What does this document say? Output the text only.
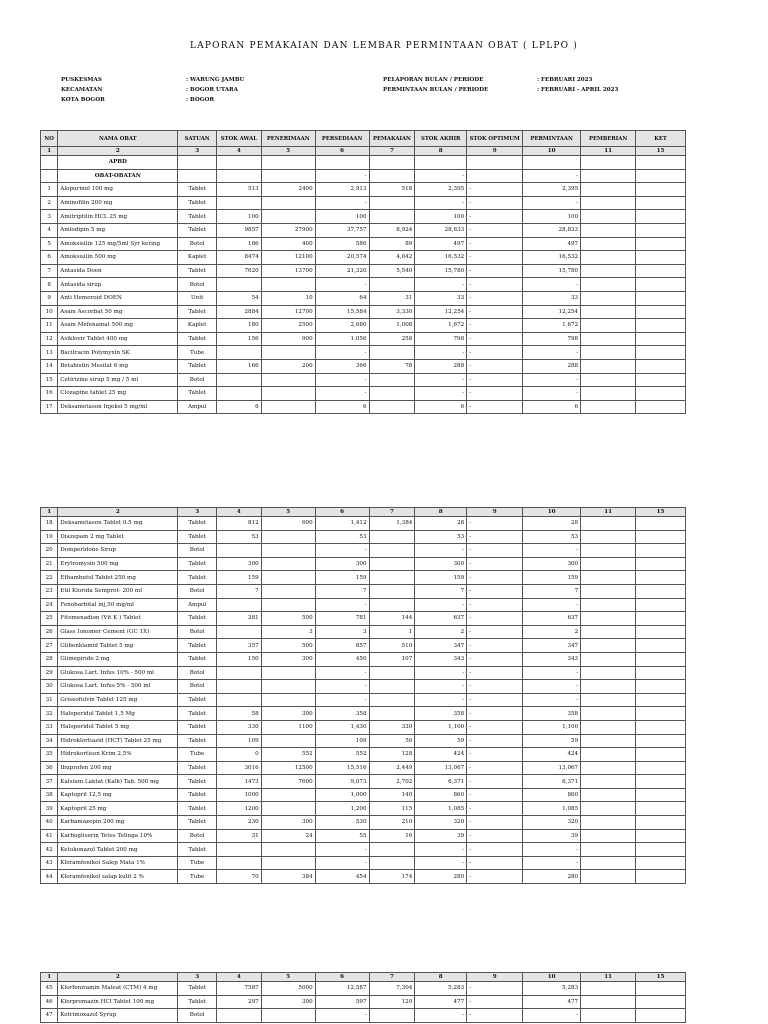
LAPORAN PEMAKAIAN DAN LEMBAR PERMINTAAN OBAT ( LPLPO )
PUSKESMAS
KECAMATAN
KOTA BOGOR
: WARUNG JAMBU
: BOGOR UTARA
: BOGOR
PELAPORAN BULAN / PERIODE
PERMINTAAN BULAN / PERIODE
: FEBRUARI 2023
: FEBRUARI - APRIL 2023
NO	NAMA OBAT	SATUAN	STOK AWAL	PENERIMAAN	PERSEDIAAN	PEMAKAIAN	STOK AKHIR	STOK OPTIMUM	PERMINTAAN	PEMBERIAN	KET
1	2	3	4	5	6	7	8	9	10	11	15
	APBD										
	OBAT-OBATAN				-		-		-		
1	Alopurinol 100 mg	Tablet	513	2400	2,913	518	2,395	-	2,395		
2	Aminofilin 200 mg	Tablet			-		-	-	-		
3	Amitriptilin HCL 25 mg	Tablet	100		100		100	-	100		
4	Amlodipin 5 mg	Tablet	9857	27900	37,757	8,924	28,833	-	28,833		
5	Amoksisilin 125 mg/5ml Syr kering	Botol	186	400	586	89	497	-	497		
6	Amoksisilin 500 mg	Kaplet	8474	12100	20,574	4,042	16,532	-	16,532		
7	Antasida Doen	Tablet	7620	13700	21,320	5,540	15,780	-	15,780		
8	Antasida sirup	Botol			-		-	-	-		
9	Anti Hemoroid DOEN	Unit	54	10	64	31	33	-	33		
10	Asam Ascorbat 50 mg	Tablet	2884	12700	15,584	3,330	12,254	-	12,254		
11	Asam Mefenamat 500 mg	Kaplet	180	2500	2,680	1,008	1,672	-	1,672		
12	Asiklovir Tablet 400 mg	Tablet	156	900	1,056	258	798	-	798		
13	Bacitracin Polymyxin SK	Tube			-		-	-	-		
14	Betahistin Mesilat 6 mg	Tablet	166	200	366	78	288	-	288		
15	Cetirizine sirup 5 mg / 5 ml	Botol			-		-	-	-		
16	Clozapine tablet 25 mg	Tablet			-		-	-	-		
17	Deksametason Injeksi 5 mg/ml	Ampul	6		6		6	-	6		
1	2	3	4	5	6	7	8	9	10	11	15
18	Deksametason Tablet 0.5 mg	Tablet	812	600	1,412	1,384	28	-	28		
19	Diazepam 2 mg Tablet	Tablet	53		53		53	-	53		
20	Domperidone Sirup	Botol			-		-	-	-		
21	Erytromysin 500 mg	Tablet	300		300		300	-	300		
22	Ethambutol Tablet 250 mg	Tablet	159		159		159	-	159		
23	Etil Klorida Semprot- 200 ml	Botol	7		7		7	-	7		
24	Fenobarbital inj,50 mg/ml	Ampul			-		-	-	-		
25	Fitomenadion (Vit K ) Tablet	Tablet	281	500	781	144	637	-	637		
26	Glass Ionomer Cement (GC 1X)	Botol		3	3	1	2	-	2		
27	Glibenklamid Tablet 5 mg	Tablet	357	500	857	510	347	-	347		
28	Glimepiride 2 mg	Tablet	150	300	450	107	343	-	343		
29	Glukosa Lart. Infus 10% - 500 ml	Botol			-		-	-	-		
30	Glukosa Lart. Infus 5% - 500 ml	Botol			-		-	-	-		
31	Griseofulvin Tablet 125 mg	Tablet			-		-	-	-		
32	Haloperidol Tablet 1,5 Mg	Tablet	58	300	358		358	-	358		
33	Haloperidol Tablet 5 mg	Tablet	330	1100	1,430	330	1,100	-	1,100		
34	Hidroklortiazid (HCT) Tablet 25 mg	Tablet	109		109	50	59	-	59		
35	Hidrokortison Krim 2,5%	Tube	0	552	552	128	424	-	424		
36	Ibuprofen 200 mg	Tablet	3016	12500	15,516	2,449	13,067	-	13,067		
37	Kalsium Laktat (Kalk) Tab. 500 mg	Tablet	1473	7600	9,073	2,702	6,371	-	6,371		
38	Kaptopril 12,5 mg	Tablet	1000		1,000	140	860	-	860		
39	Kaptopril 25 mg	Tablet	1200		1,200	115	1,085	-	1,085		
40	Karbamazepin 200 mg	Tablet	230	300	530	210	320	-	320		
41	Karbogliserin Tetes Telinga 10%	Botol	31	24	55	16	39	-	39		
42	Ketokonazol Tablet 200 mg	Tablet			-		-	-	-		
43	Kloramfenikol Salep Mata 1%	Tube			-		-	-	-		
44	Kloramfenikol salap kulit 2 %	Tube	70	384	454	174	280	-	280		
1	2	3	4	5	6	7	8	9	10	11	15
45	Klorfeniramin Maleat (CTM) 4 mg	Tablet	7587	5000	12,587	7,304	5,283	-	5,283		
46	Klorpromazin HCl Tablet 100 mg	Tablet	297	300	597	120	477	-	477		
47	Kotrimoxazol Syrup	Botol			-		-	-	-		
